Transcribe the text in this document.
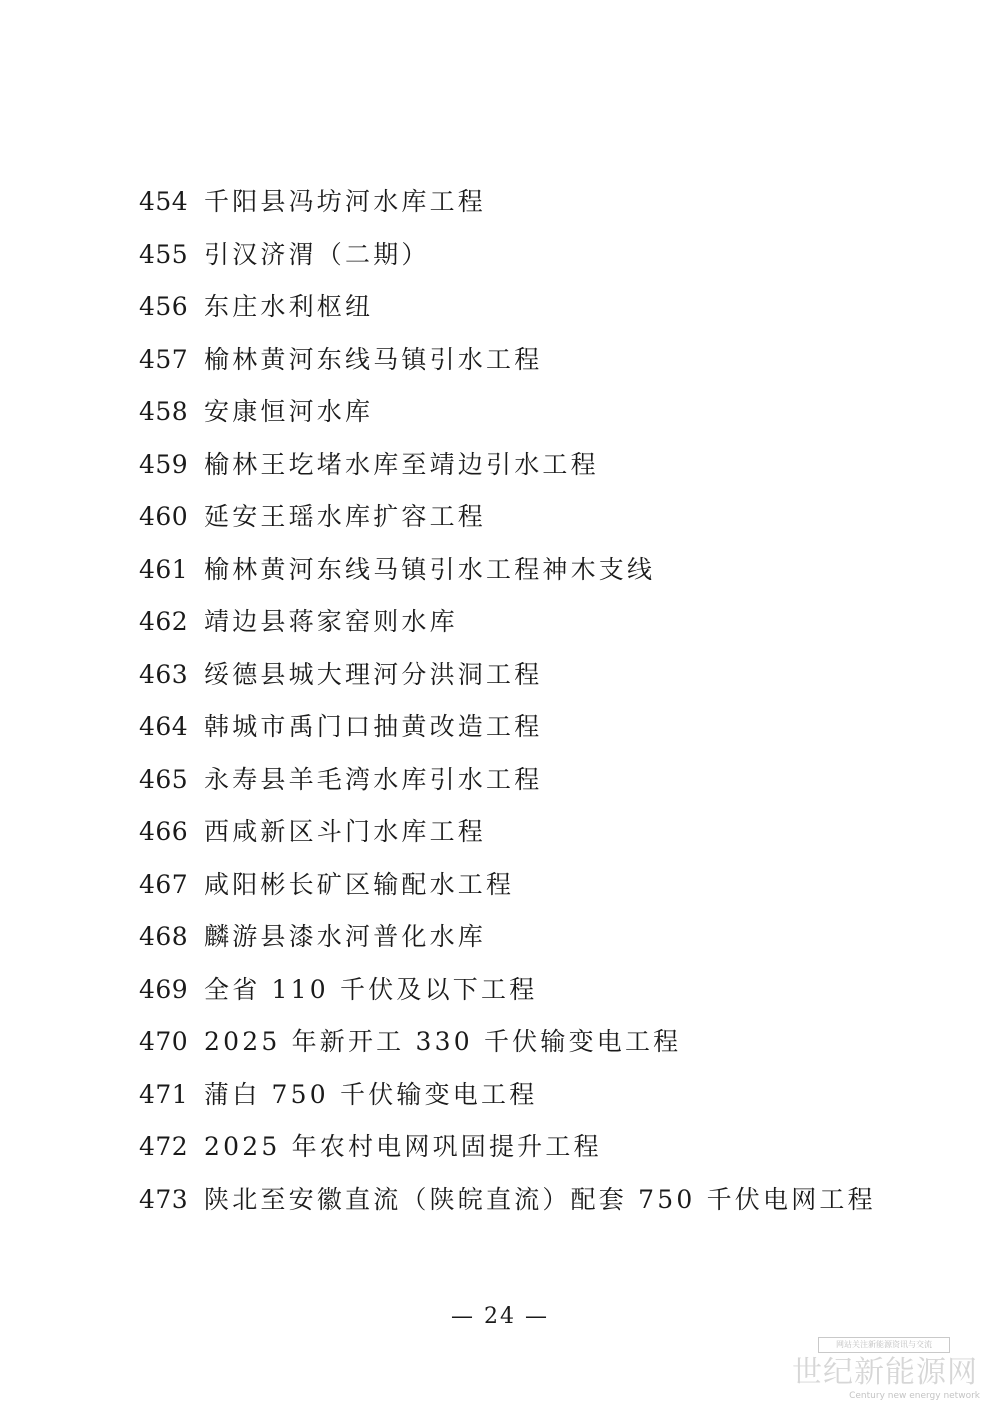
454 千阳县冯坊河水库工程
455 引汉济渭（二期）
456 东庄水利枢纽
457 榆林黄河东线马镇引水工程
458 安康恒河水库
459 榆林王圪堵水库至靖边引水工程
460 延安王瑶水库扩容工程
461 榆林黄河东线马镇引水工程神木支线
462 靖边县蒋家窑则水库
463 绥德县城大理河分洪洞工程
464 韩城市禹门口抽黄改造工程
465 永寿县羊毛湾水库引水工程
466 西咸新区斗门水库工程
467 咸阳彬长矿区输配水工程
468 麟游县漆水河普化水库
469 全省 110 千伏及以下工程
470 2025 年新开工 330 千伏输变电工程
471 蒲白 750 千伏输变电工程
472 2025 年农村电网巩固提升工程
473 陕北至安徽直流（陕皖直流）配套 750 千伏电网工程
— 24 —
网站关注新能源资讯与交流
世纪新能源网
Century new energy network
